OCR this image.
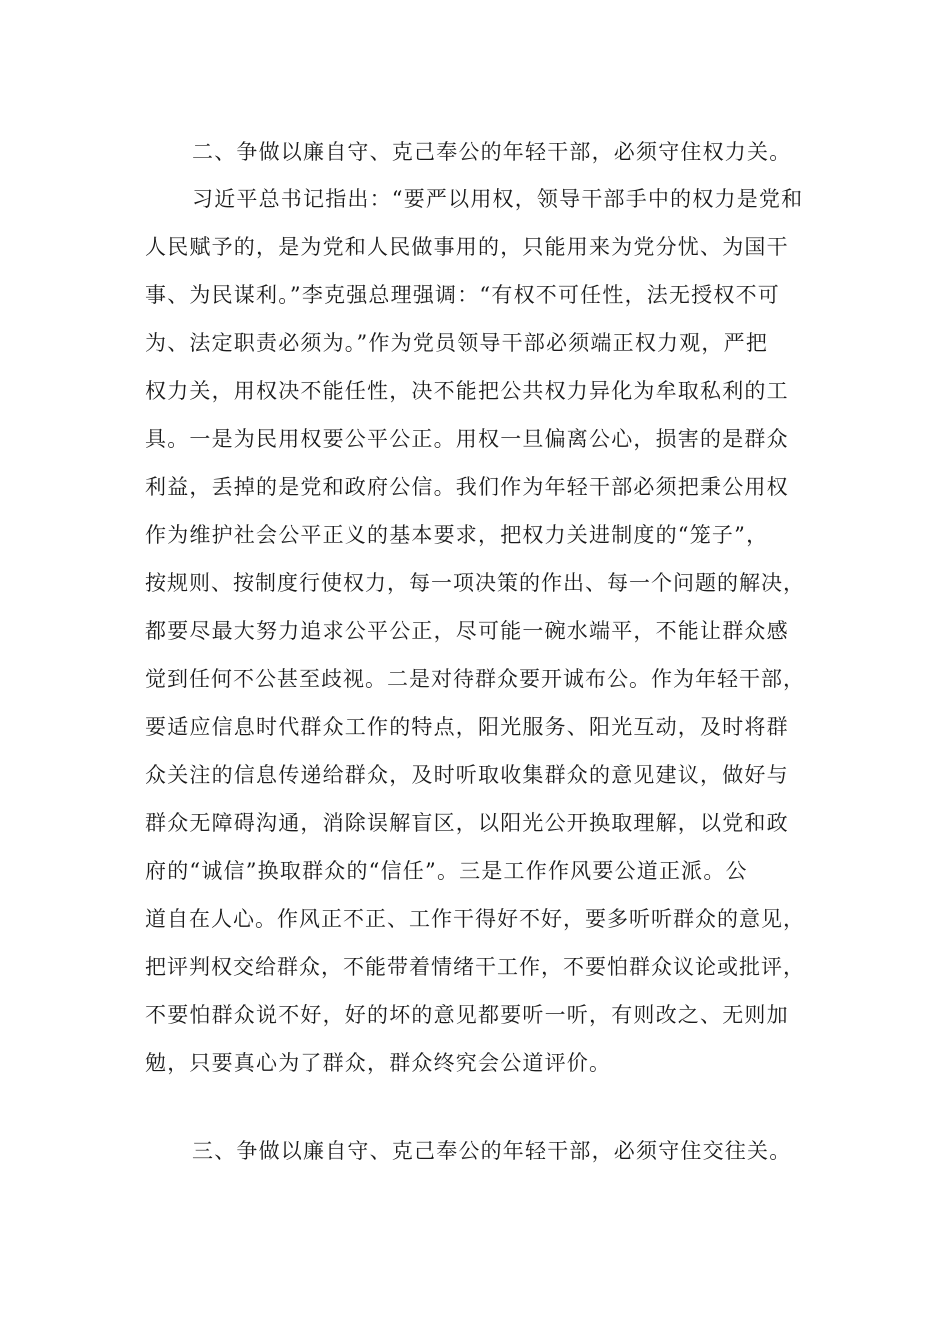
二、争做以廉自守、克己奉公的年轻干部，必须守住权力关。
习近平总书记指出：“要严以用权，领导干部手中的权力是党和
人民赋予的，是为党和人民做事用的，只能用来为党分忧、为国干
事、为民谋利。”李克强总理强调：“有权不可任性，法无授权不可
为、法定职责必须为。”作为党员领导干部必须端正权力观，严把
权力关，用权决不能任性，决不能把公共权力异化为牟取私利的工
具。一是为民用权要公平公正。用权一旦偏离公心，损害的是群众
利益，丢掉的是党和政府公信。我们作为年轻干部必须把秉公用权
作为维护社会公平正义的基本要求，把权力关进制度的“笼子”，
按规则、按制度行使权力，每一项决策的作出、每一个问题的解决，
都要尽最大努力追求公平公正，尽可能一碗水端平，不能让群众感
觉到任何不公甚至歧视。二是对待群众要开诚布公。作为年轻干部，
要适应信息时代群众工作的特点，阳光服务、阳光互动，及时将群
众关注的信息传递给群众，及时听取收集群众的意见建议，做好与
群众无障碍沟通，消除误解盲区，以阳光公开换取理解，以党和政
府的“诚信”换取群众的“信任”。三是工作作风要公道正派。公
道自在人心。作风正不正、工作干得好不好，要多听听群众的意见，
把评判权交给群众，不能带着情绪干工作，不要怕群众议论或批评，
不要怕群众说不好，好的坏的意见都要听一听，有则改之、无则加
勉，只要真心为了群众，群众终究会公道评价。
三、争做以廉自守、克己奉公的年轻干部，必须守住交往关。
